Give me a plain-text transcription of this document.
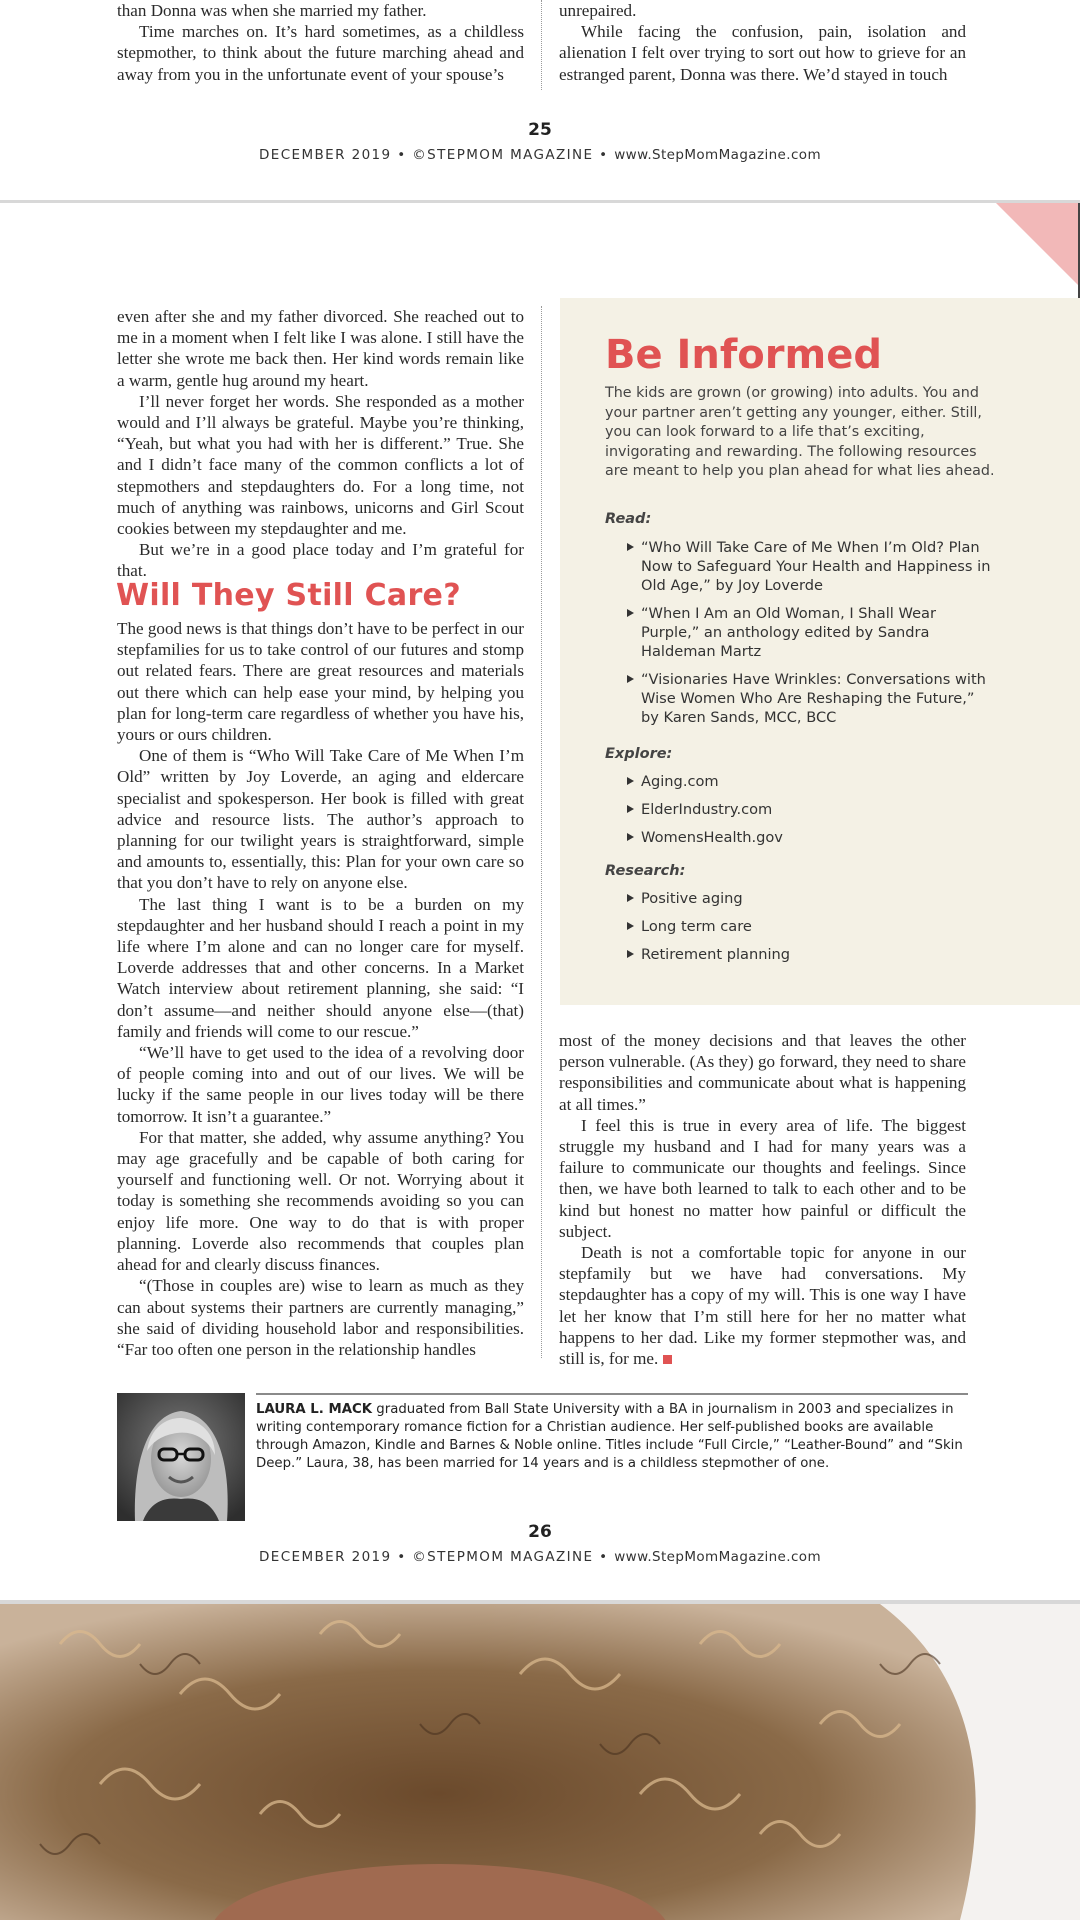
than Donna was when she married my father.

Time marches on. It’s hard sometimes, as a childless stepmother, to think about the future marching ahead and away from you in the unfortunate event of your spouse’s

unrepaired.

While facing the confusion, pain, isolation and alienation I felt over trying to sort out how to grieve for an estranged parent, Donna was there. We’d stayed in touch

25
DECEMBER 2019 • ©STEPMOM MAGAZINE • www.StepMomMagazine.com

even after she and my father divorced. She reached out to me in a moment when I felt like I was alone. I still have the letter she wrote me back then. Her kind words remain like a warm, gentle hug around my heart.

I’ll never forget her words. She responded as a mother would and I’ll always be grateful. Maybe you’re thinking, “Yeah, but what you had with her is different.” True. She and I didn’t face many of the common conflicts a lot of stepmothers and stepdaughters do. For a long time, not much of anything was rainbows, unicorns and Girl Scout cookies between my stepdaughter and me.

But we’re in a good place today and I’m grateful for that.

Will They Still Care?

The good news is that things don’t have to be perfect in our stepfamilies for us to take control of our futures and stomp out related fears. There are great resources and materials out there which can help ease your mind, by helping you plan for long-term care regardless of whether you have his, yours or ours children.

One of them is “Who Will Take Care of Me When I’m Old” written by Joy Loverde, an aging and eldercare specialist and spokesperson. Her book is filled with great advice and resource lists. The author’s approach to planning for our twilight years is straightforward, simple and amounts to, essentially, this: Plan for your own care so that you don’t have to rely on anyone else.

The last thing I want is to be a burden on my stepdaughter and her husband should I reach a point in my life where I’m alone and can no longer care for myself. Loverde addresses that and other concerns. In a Market Watch interview about retirement planning, she said: “I don’t assume—and neither should anyone else—(that) family and friends will come to our rescue.”

“We’ll have to get used to the idea of a revolving door of people coming into and out of our lives. We will be lucky if the same people in our lives today will be there tomorrow. It isn’t a guarantee.”

For that matter, she added, why assume anything? You may age gracefully and be capable of both caring for yourself and functioning well. Or not. Worrying about it today is something she recommends avoiding so you can enjoy life more. One way to do that is with proper planning. Loverde also recommends that couples plan ahead for and clearly discuss finances.

“(Those in couples are) wise to learn as much as they can about systems their partners are currently managing,” she said of dividing household labor and responsibilities. “Far too often one person in the relationship handles

Be Informed
The kids are grown (or growing) into adults. You and your partner aren’t getting any younger, either. Still, you can look forward to a life that’s exciting, invigorating and rewarding. The following resources are meant to help you plan ahead for what lies ahead.
Read:
“Who Will Take Care of Me When I’m Old? Plan Now to Safeguard Your Health and Happiness in Old Age,” by Joy Loverde
“When I Am an Old Woman, I Shall Wear Purple,” an anthology edited by Sandra Haldeman Martz
“Visionaries Have Wrinkles: Conversations with Wise Women Who Are Reshaping the Future,” by Karen Sands, MCC, BCC
Explore:
Aging.com
ElderIndustry.com
WomensHealth.gov
Research:
Positive aging
Long term care
Retirement planning

most of the money decisions and that leaves the other person vulnerable. (As they) go forward, they need to share responsibilities and communicate about what is happening at all times.”

I feel this is true in every area of life. The biggest struggle my husband and I had for many years was a failure to communicate our thoughts and feelings. Since then, we have both learned to talk to each other and to be kind but honest no matter how painful or difficult the subject.

Death is not a comfortable topic for anyone in our stepfamily but we have had conversations. My stepdaughter has a copy of my will. This is one way I have let her know that I’m still here for her no matter what happens to her dad. Like my former stepmother was, and still is, for me.

LAURA L. MACK graduated from Ball State University with a BA in journalism in 2003 and specializes in writing contemporary romance fiction for a Christian audience. Her self-published books are available through Amazon, Kindle and Barnes & Noble online. Titles include “Full Circle,” “Leather-Bound” and “Skin Deep.” Laura, 38, has been married for 14 years and is a childless stepmother of one.
26
DECEMBER 2019 • ©STEPMOM MAGAZINE • www.StepMomMagazine.com
